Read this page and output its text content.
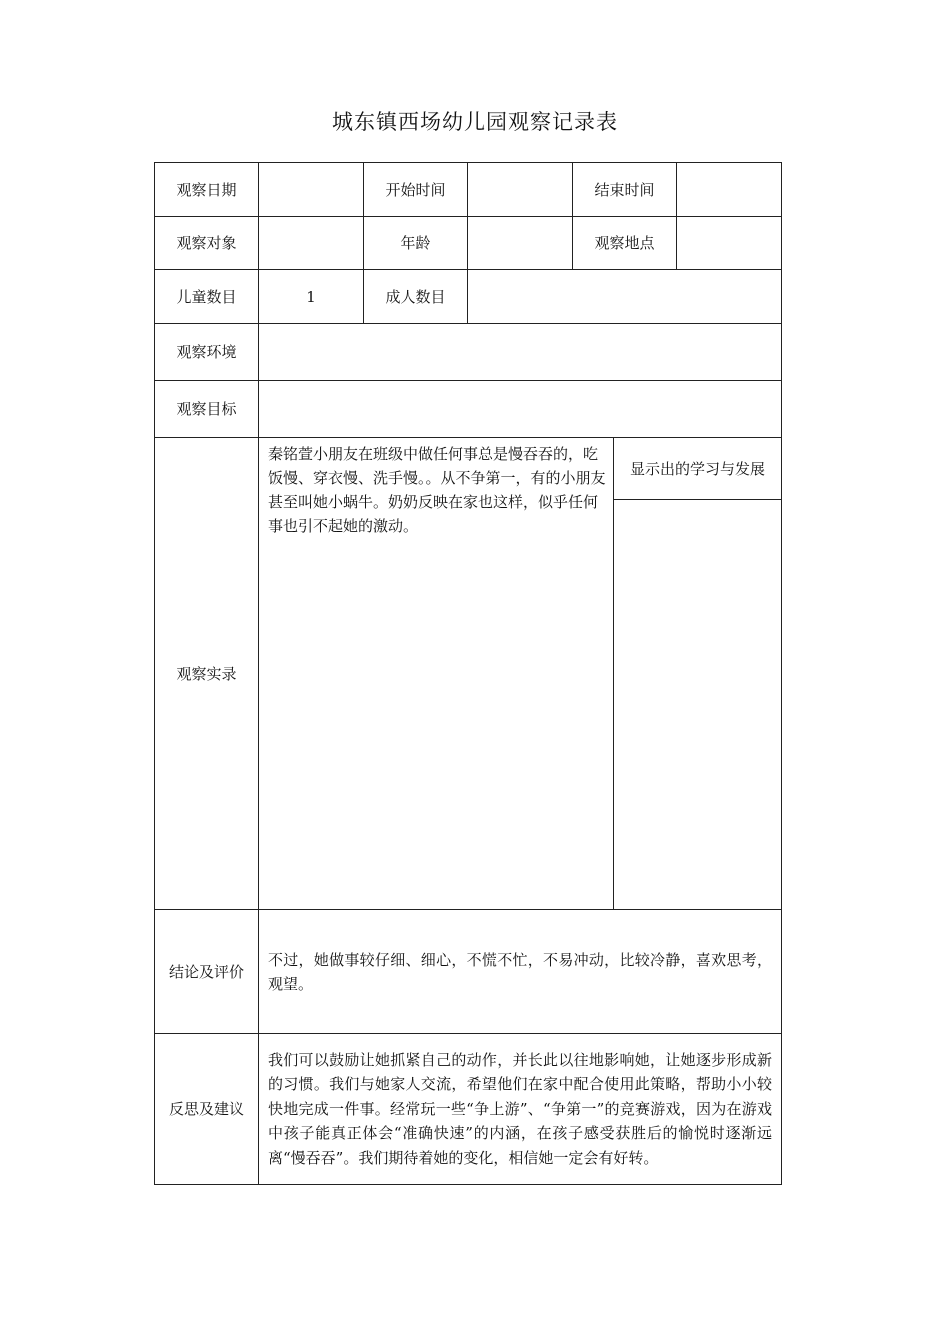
城东镇西场幼儿园观察记录表
观察日期		开始时间		结束时间	
观察对象		年龄		观察地点	
儿童数目	1	成人数目			
观察环境					
观察目标					
观察实录	秦铭萱小朋友在班级中做任何事总是慢吞吞的，吃饭慢、穿衣慢、洗手慢。。从不争第一，有的小朋友甚至叫她小蜗牛。奶奶反映在家也这样，似乎任何事也引不起她的激动。
显示出的学习与发展				

结论及评价	不过，她做事较仔细、细心，不慌不忙，不易冲动，比较冷静，喜欢思考，观望。				

反思及建议	我们可以鼓励让她抓紧自己的动作，并长此以往地影响她，让她逐步形成新的习惯。我们与她家人交流，希望他们在家中配合使用此策略，帮助小小较快地完成一件事。经常玩一些“争上游”、“争第一”的竞赛游戏，因为在游戏中孩子能真正体会“准确快速”的内涵，在孩子感受获胜后的愉悦时逐渐远离“慢吞吞”。我们期待着她的变化，相信她一定会有好转。				
